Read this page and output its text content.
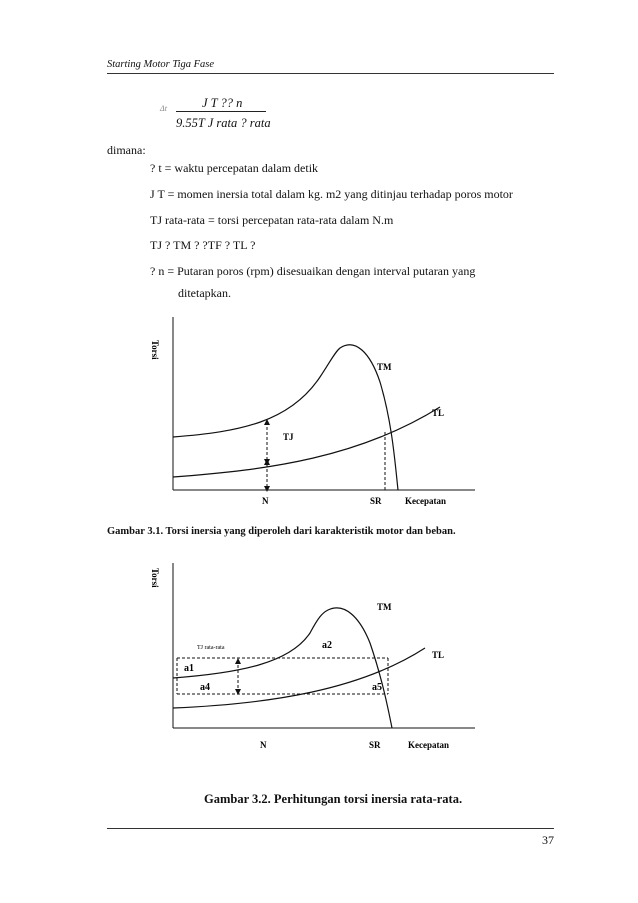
Starting Motor Tiga Fase
Δt	J T ?? n
9.55T J rata ? rata
dimana:
? t = waktu percepatan dalam detik
J T = momen inersia total dalam kg. m2 yang ditinjau terhadap poros motor
TJ rata-rata = torsi percepatan rata-rata dalam N.m
TJ ? TM ? ?TF ? TL ?
? n = Putaran poros (rpm) disesuaikan dengan interval putaran yang
ditetapkan.
Torsi
TM
TL
TJ
N	SR	Kecepatan
Gambar 3.1. Torsi inersia yang diperoleh dari karakteristik motor dan beban.
Torsi
TM
TL
TJ rata-rata	a2
a1
a4	a5
N	SR	Kecepatan
Gambar 3.2. Perhitungan torsi inersia rata-rata.
37
